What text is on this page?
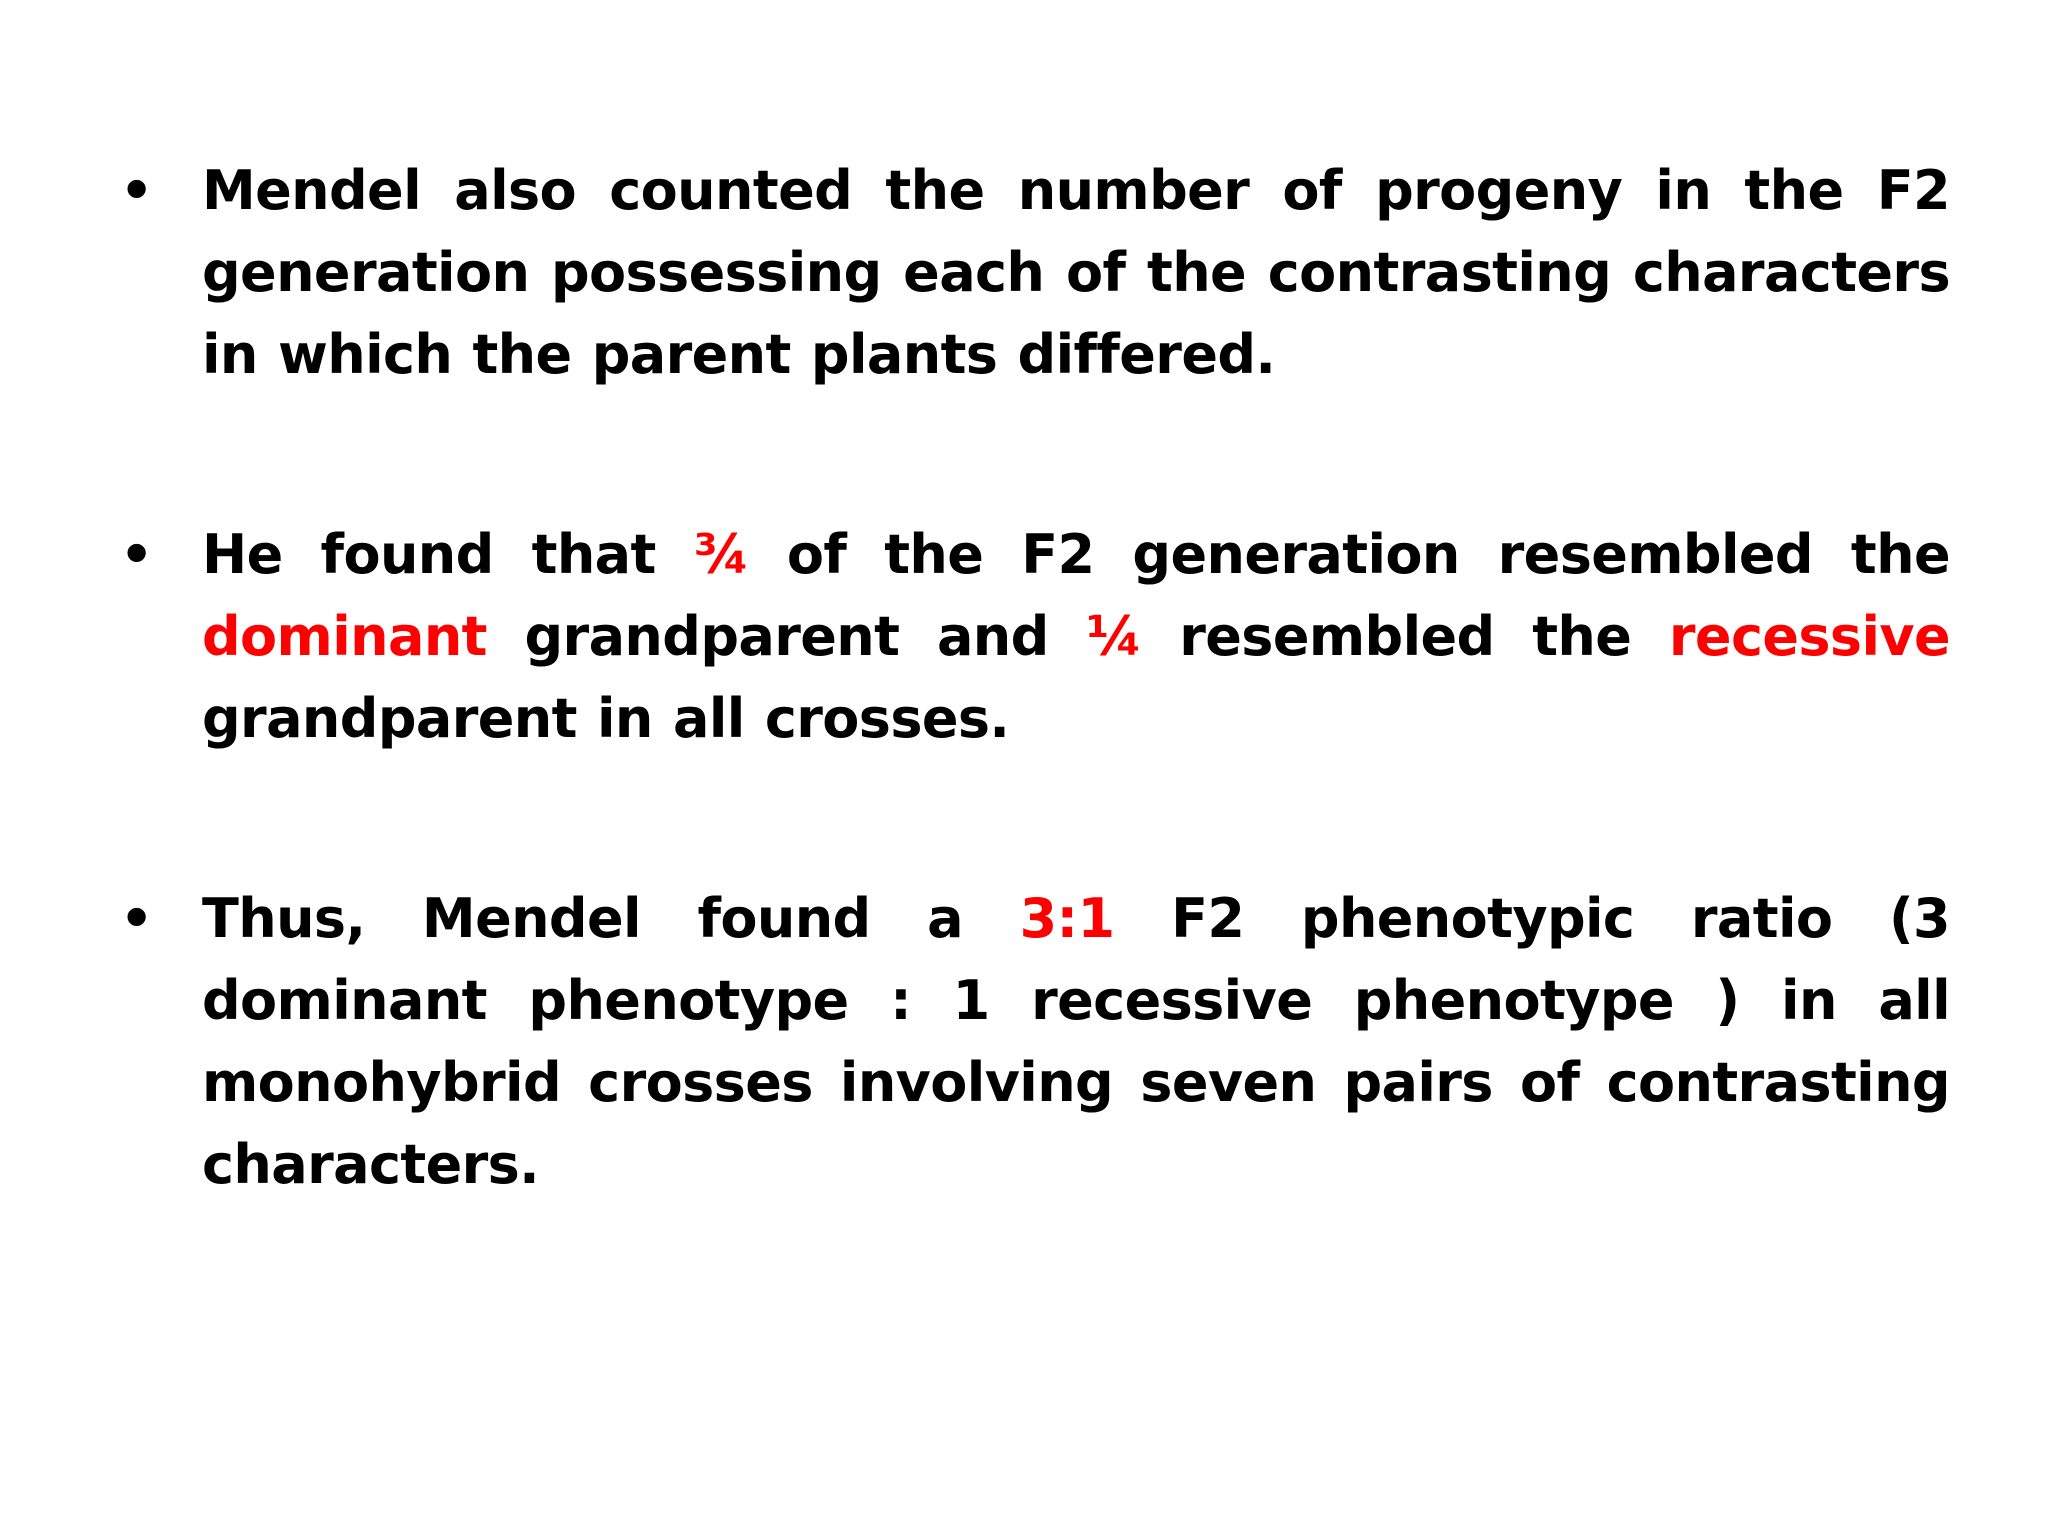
• Mendel also counted the number of progeny in the F2 generation possessing each of the contrasting characters in which the parent plants differed.
• He found that ¾ of the F2 generation resembled the dominant grandparent and ¼ resembled the recessive grandparent in all crosses.
• Thus, Mendel found a 3:1 F2 phenotypic ratio (3 dominant phenotype : 1 recessive phenotype ) in all monohybrid crosses involving seven pairs of contrasting characters.
